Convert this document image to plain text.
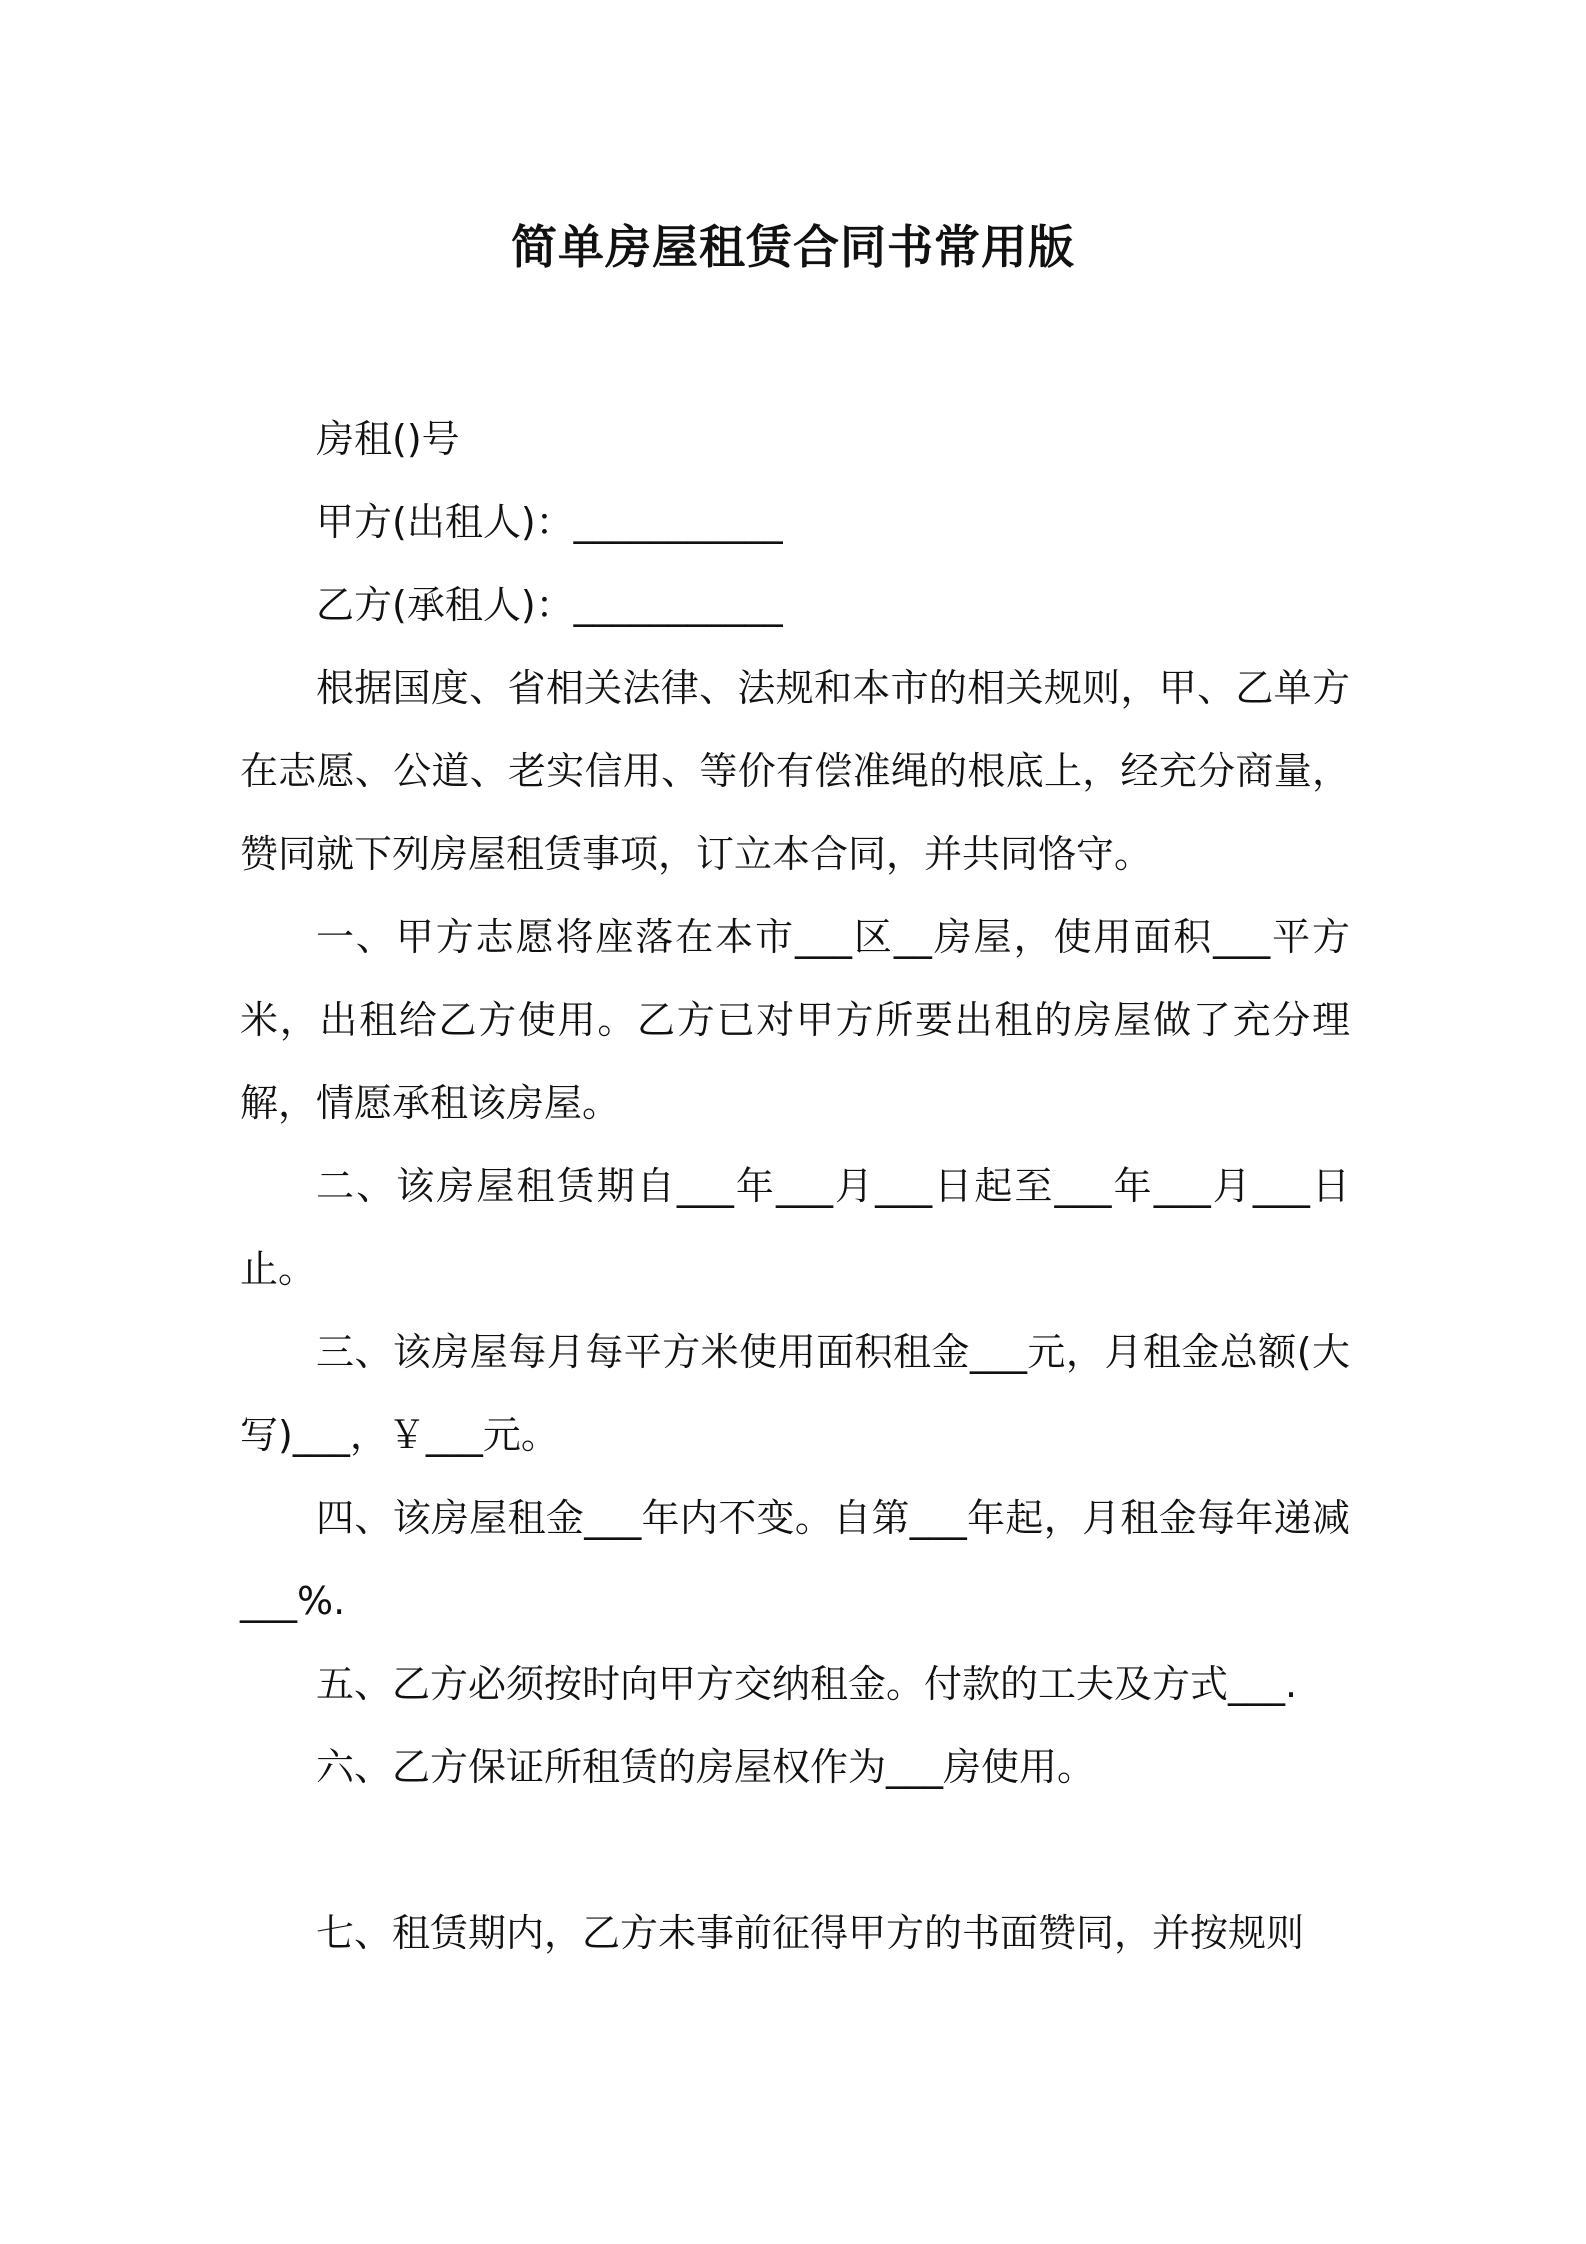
简单房屋租赁合同书常用版

房租()号

甲方(出租人)：___________

乙方(承租人)：___________

根据国度、省相关法律、法规和本市的相关规则，甲、乙单方在志愿、公道、老实信用、等价有偿准绳的根底上，经充分商量，赞同就下列房屋租赁事项，订立本合同，并共同恪守。

一、甲方志愿将座落在本市___区__房屋，使用面积___平方米，出租给乙方使用。乙方已对甲方所要出租的房屋做了充分理解，情愿承租该房屋。

二、该房屋租赁期自___年___月___日起至___年___月___日止。

三、该房屋每月每平方米使用面积租金___元，月租金总额(大写)___，￥___元。

四、该房屋租金___年内不变。自第___年起，月租金每年递减___%.

五、乙方必须按时向甲方交纳租金。付款的工夫及方式___.

六、乙方保证所租赁的房屋权作为___房使用。

七、租赁期内，乙方未事前征得甲方的书面赞同，并按规则
